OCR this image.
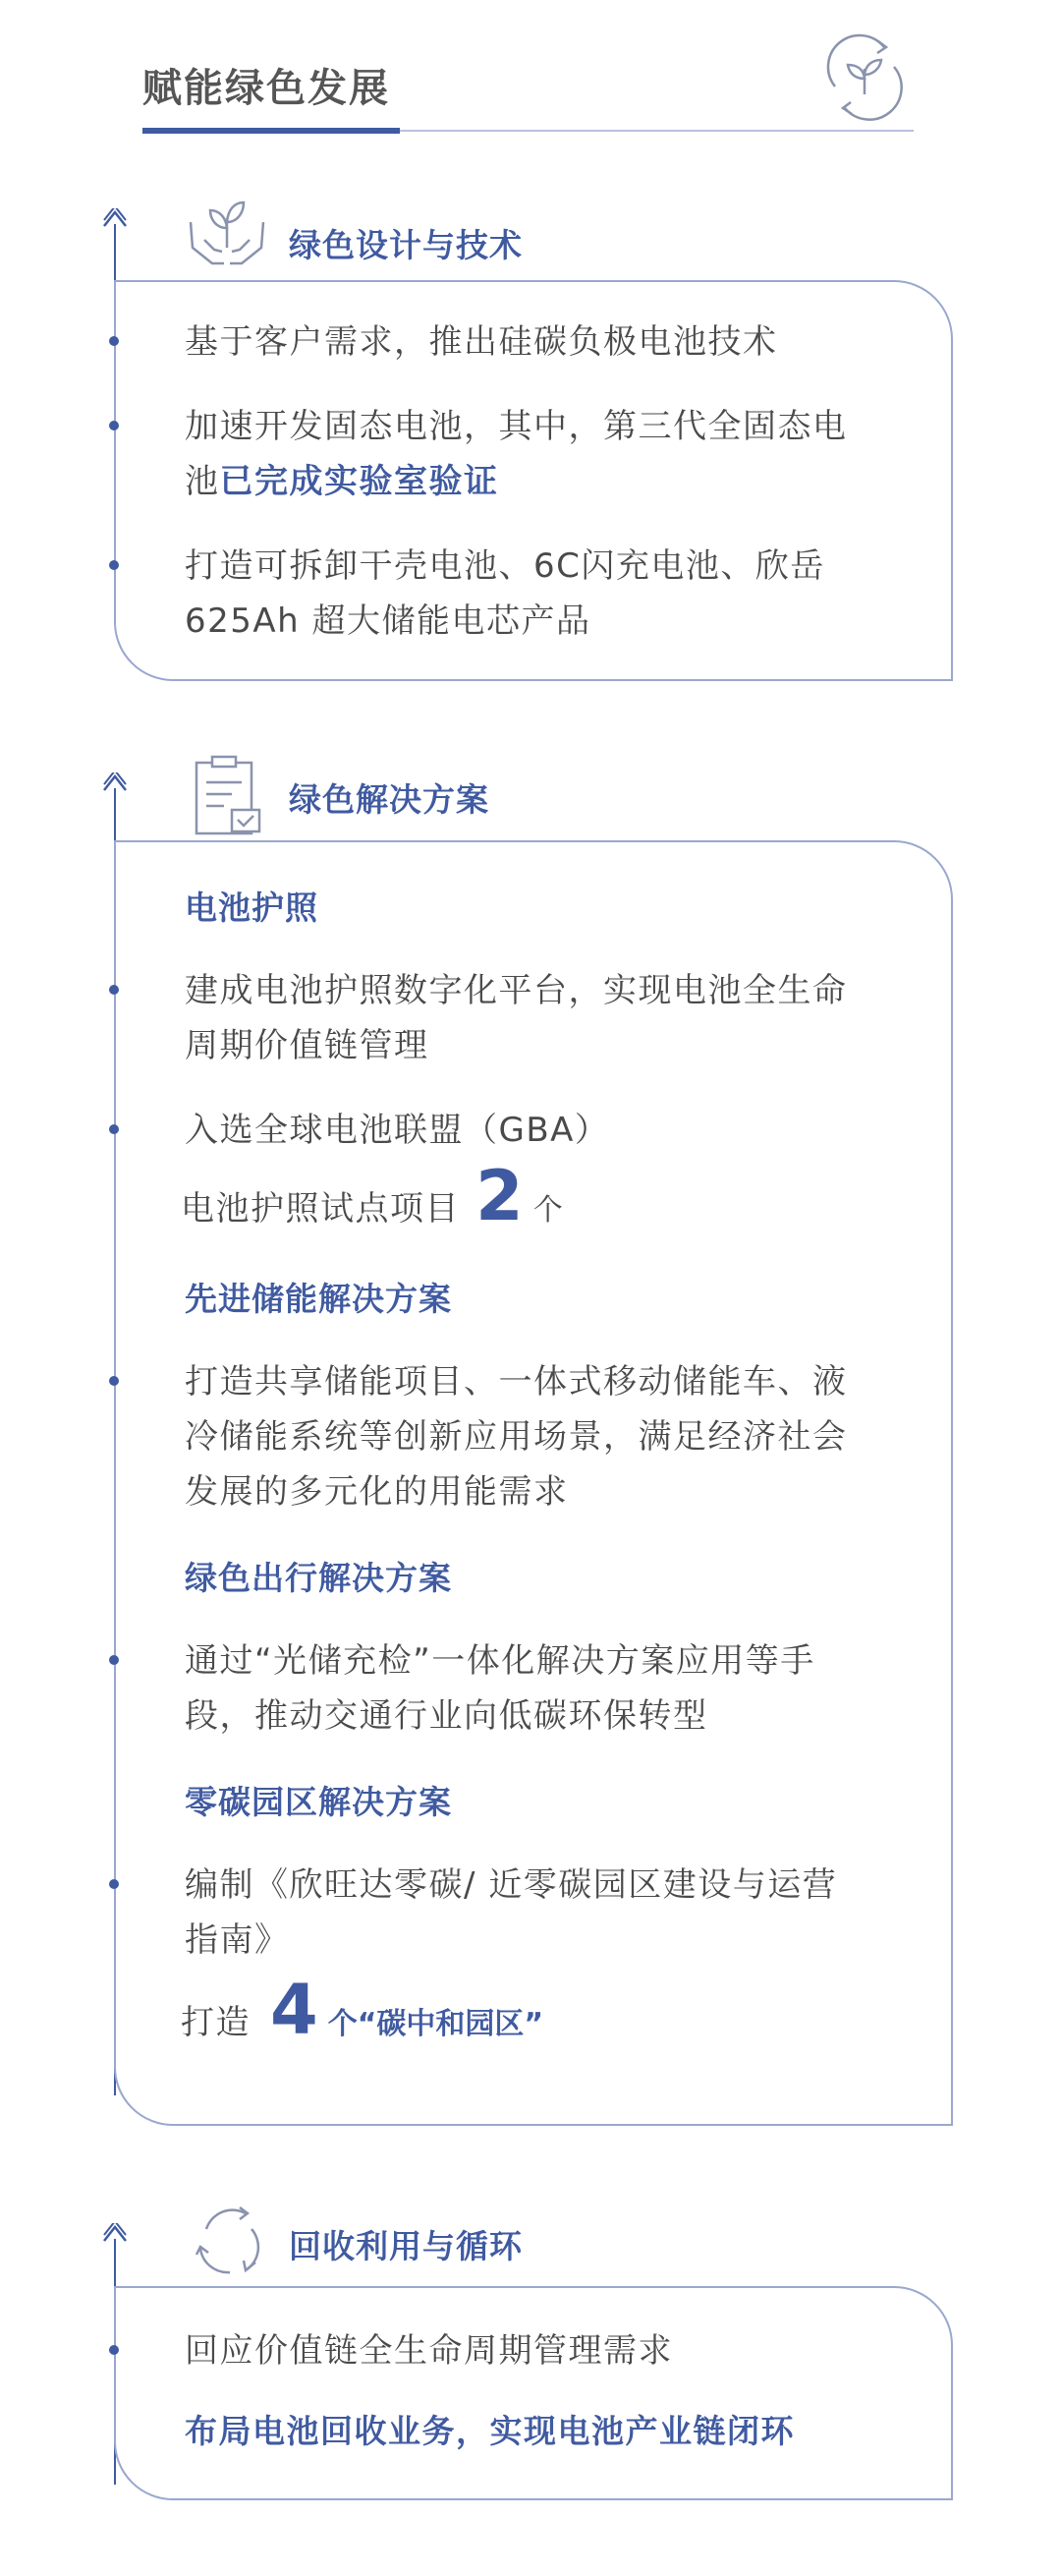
赋能绿色发展
绿色设计与技术
基于客户需求，推出硅碳负极电池技术
加速开发固态电池，其中，第三代全固态电
池已完成实验室验证
打造可拆卸干壳电池、6C闪充电池、欣岳
625Ah 超大储能电芯产品
绿色解决方案
电池护照
建成电池护照数字化平台，实现电池全生命
周期价值链管理
入选全球电池联盟（GBA）
电池护照试点项目 2 个
先进储能解决方案
打造共享储能项目、一体式移动储能车、液
冷储能系统等创新应用场景，满足经济社会
发展的多元化的用能需求
绿色出行解决方案
通过“光储充检”一体化解决方案应用等手
段，推动交通行业向低碳环保转型
零碳园区解决方案
编制《欣旺达零碳/ 近零碳园区建设与运营
指南》
打造 4 个“碳中和园区”
回收利用与循环
回应价值链全生命周期管理需求
布局电池回收业务，实现电池产业链闭环
